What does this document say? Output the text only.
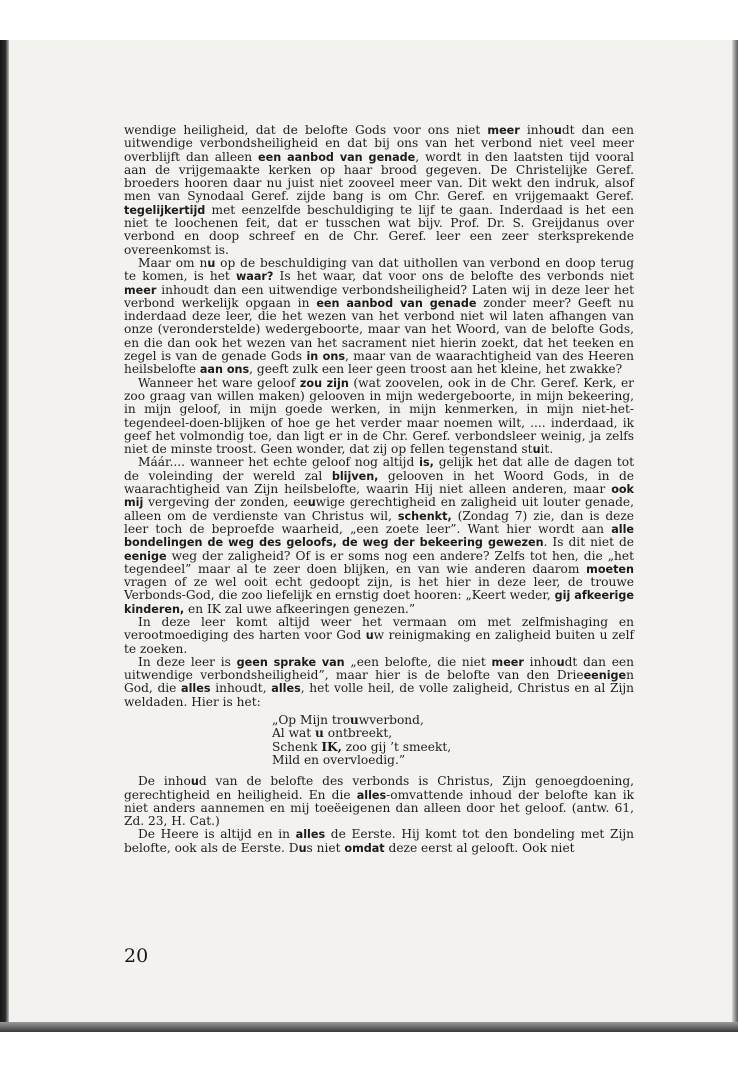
wendige heiligheid, dat de belofte Gods voor ons niet meer inhoudt dan een uitwendige verbondsheiligheid en dat bij ons van het verbond niet veel meer overblijft dan alleen een aanbod van genade, wordt in den laatsten tijd vooral aan de vrijgemaakte kerken op haar brood gegeven. De Christelijke Geref. broeders hooren daar nu juist niet zooveel meer van. Dit wekt den indruk, alsof men van Synodaal Geref. zijde bang is om Chr. Geref. en vrijgemaakt Geref. tegelijkertijd met eenzelfde beschuldiging te lijf te gaan. Inderdaad is het een niet te loochenen feit, dat er tusschen wat bijv. Prof. Dr. S. Greijdanus over verbond en doop schreef en de Chr. Geref. leer een zeer sterksprekende overeenkomst is.

Maar om nu op de beschuldiging van dat uithollen van verbond en doop terug te komen, is het waar? Is het waar, dat voor ons de belofte des verbonds niet meer inhoudt dan een uitwendige verbondsheiligheid? Laten wij in deze leer het verbond werkelijk opgaan in een aanbod van genade zonder meer? Geeft nu inderdaad deze leer, die het wezen van het verbond niet wil laten afhangen van onze (veronderstelde) wedergeboorte, maar van het Woord, van de belofte Gods, en die dan ook het wezen van het sacrament niet hierin zoekt, dat het teeken en zegel is van de genade Gods in ons, maar van de waarachtigheid van des Heeren heilsbelofte aan ons, geeft zulk een leer geen troost aan het kleine, het zwakke?

Wanneer het ware geloof zou zijn (wat zoovelen, ook in de Chr. Geref. Kerk, er zoo graag van willen maken) gelooven in mijn wedergeboorte, in mijn bekeering, in mijn geloof, in mijn goede werken, in mijn kenmerken, in mijn niet-het-tegendeel-doen-blijken of hoe ge het verder maar noemen wilt, .... inderdaad, ik geef het volmondig toe, dan ligt er in de Chr. Geref. verbondsleer weinig, ja zelfs niet de minste troost. Geen wonder, dat zij op fellen tegenstand stuit.

Máár.... wanneer het echte geloof nog altijd is, gelijk het dat alle de dagen tot de voleinding der wereld zal blijven, gelooven in het Woord Gods, in de waarachtigheid van Zijn heilsbelofte, waarin Hij niet alleen anderen, maar ook mij vergeving der zonden, eeuwige gerechtigheid en zaligheid uit louter genade, alleen om de verdienste van Christus wil, schenkt, (Zondag 7) zie, dan is deze leer toch de beproefde waarheid, „een zoete leer”. Want hier wordt aan alle bondelingen de weg des geloofs, de weg der bekeering gewezen. Is dit niet de eenige weg der zaligheid? Of is er soms nog een andere? Zelfs tot hen, die „het tegendeel” maar al te zeer doen blijken, en van wie anderen daarom moeten vragen of ze wel ooit echt gedoopt zijn, is het hier in deze leer, de trouwe Verbonds-God, die zoo liefelijk en ernstig doet hooren: „Keert weder, gij afkeerige kinderen, en IK zal uwe afkeeringen genezen.”

In deze leer komt altijd weer het vermaan om met zelfmishaging en verootmoediging des harten voor God uw reinigmaking en zaligheid buiten u zelf te zoeken.

In deze leer is geen sprake van „een belofte, die niet meer inhoudt dan een uitwendige verbondsheiligheid”, maar hier is de belofte van den Drieeenigen God, die alles inhoudt, alles, het volle heil, de volle zaligheid, Christus en al Zijn weldaden. Hier is het:

„Op Mijn trouwverbond,
Al wat u ontbreekt,
Schenk IK, zoo gij ’t smeekt,
Mild en overvloedig.”

De inhoud van de belofte des verbonds is Christus, Zijn genoegdoening, gerechtigheid en heiligheid. En die alles-omvattende inhoud der belofte kan ik niet anders aannemen en mij toeëeigenen dan alleen door het geloof. (antw. 61, Zd. 23, H. Cat.)

De Heere is altijd en in alles de Eerste. Hij komt tot den bondeling met Zijn belofte, ook als de Eerste. Dus niet omdat deze eerst al gelooft. Ook niet

20
